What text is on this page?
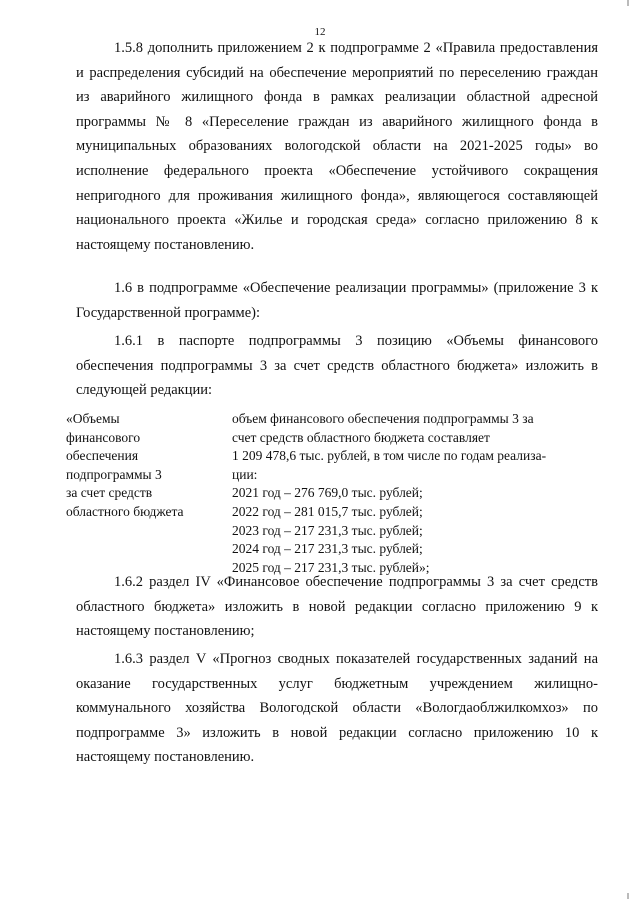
12

1.5.8 дополнить приложением 2 к подпрограмме 2 «Правила предоставления и распределения субсидий на обеспечение мероприятий по переселению граждан из аварийного жилищного фонда в рамках реализации областной адресной программы № 8 «Переселение граждан из аварийного жилищного фонда в муниципальных образованиях вологодской области на 2021-2025 годы» во исполнение федерального проекта «Обеспечение устойчивого сокращения непригодного для проживания жилищного фонда», являющегося составляющей национального проекта «Жилье и городская среда» согласно приложению 8 к настоящему постановлению.

1.6 в подпрограмме «Обеспечение реализации программы» (приложение 3 к Государственной программе):

1.6.1 в паспорте подпрограммы 3 позицию «Объемы финансового обеспечения подпрограммы 3 за счет средств областного бюджета» изложить в следующей редакции:

«Объемы
финансового
обеспечения
подпрограммы 3
за счет средств
областного бюджета
объем финансового обеспечения подпрограммы 3 за
счет средств областного бюджета составляет
1 209 478,6 тыс. рублей, в том числе по годам реализа-
ции:
2021 год – 276 769,0 тыс. рублей;
2022 год – 281 015,7 тыс. рублей;
2023 год – 217 231,3 тыс. рублей;
2024 год – 217 231,3 тыс. рублей;
2025 год – 217 231,3 тыс. рублей»;

1.6.2 раздел IV «Финансовое обеспечение подпрограммы 3 за счет средств областного бюджета» изложить в новой редакции согласно приложению 9 к настоящему постановлению;

1.6.3 раздел V «Прогноз сводных показателей государственных заданий на оказание государственных услуг бюджетным учреждением жилищно-коммунального хозяйства Вологодской области «Вологдаоблжилкомхоз» по подпрограмме 3» изложить в новой редакции согласно приложению 10 к настоящему постановлению.
